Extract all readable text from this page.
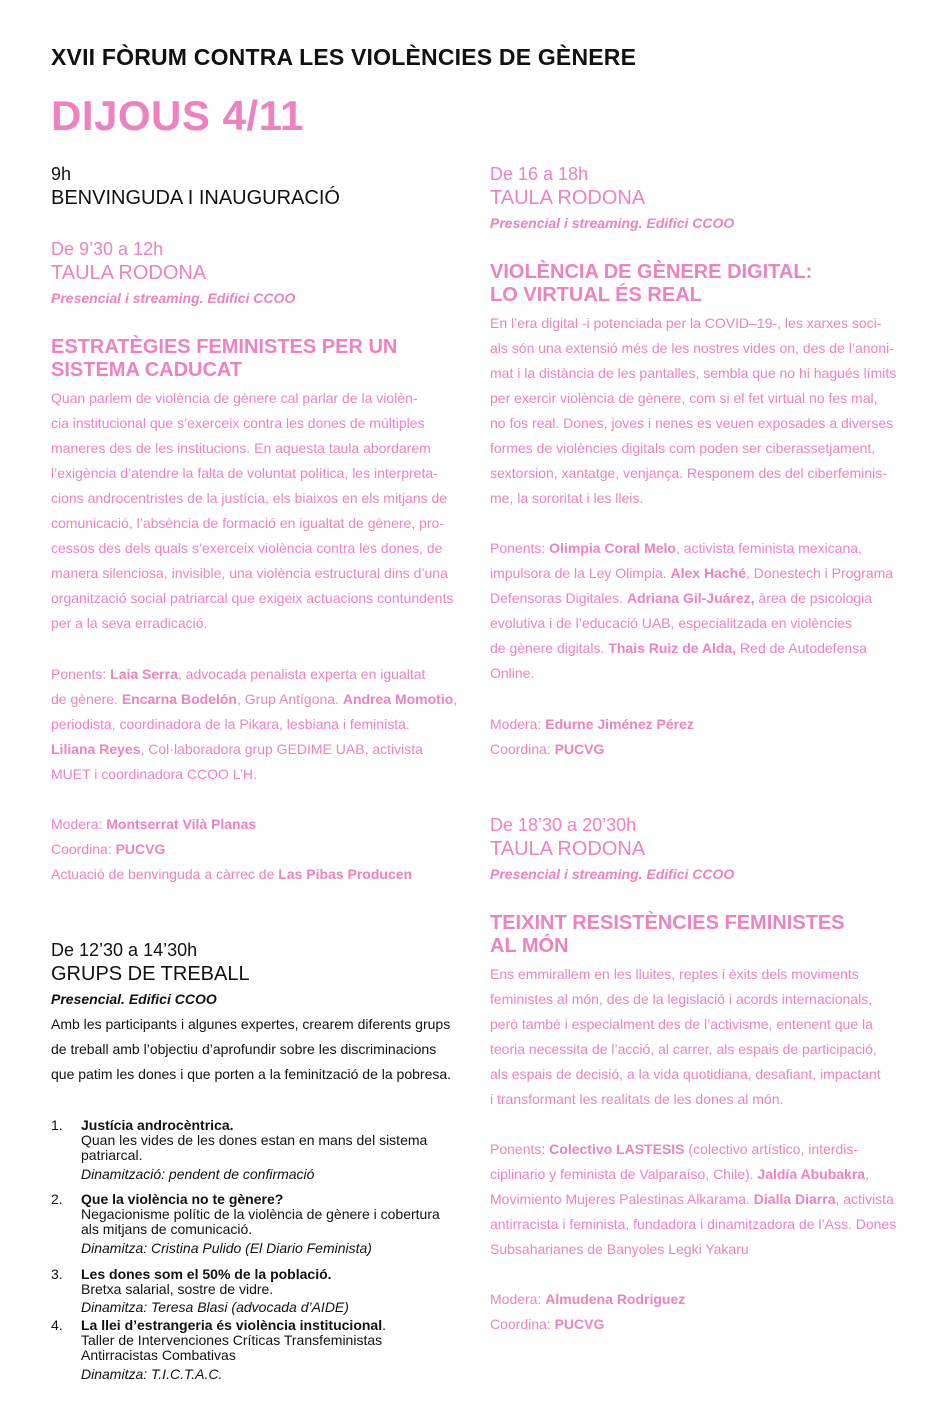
XVII FÒRUM CONTRA LES VIOLÈNCIES DE GÈNERE
DIJOUS 4/11
9h
BENVINGUDA I INAUGURACIÓ
De 9’30 a 12h
TAULA RODONA
Presencial i streaming. Edifici CCOO
ESTRATÈGIES FEMINISTES PER UN
SISTEMA CADUCAT
Quan parlem de violència de gènere cal parlar de la violèn-
cia institucional que s’exerceix contra les dones de múltiples
maneres des de les institucions. En aquesta taula abordarem
l’exigència d’atendre la falta de voluntat política, les interpreta-
cions androcentristes de la justícia, els biaixos en els mitjans de
comunicació, l’absència de formació en igualtat de gènere, pro-
cessos des dels quals s’exerceix violència contra les dones, de
manera silenciosa, invisible, una violència estructural dins d’una
organització social patriarcal que exigeix actuacions contundents
per a la seva erradicació.
Ponents: Laia Serra, advocada penalista experta en igualtat
de gènere. Encarna Bodelón, Grup Antígona. Andrea Momotio,
periodista, coordinadora de la Pikara, lesbiana i feminista.
Liliana Reyes, Col·laboradora grup GEDIME UAB, activista
MUET i coordinadora CCOO L’H.
Modera: Montserrat Vilà Planas
Coordina: PUCVG
Actuació de benvinguda a càrrec de Las Pibas Producen
De 12’30 a 14’30h
GRUPS DE TREBALL
Presencial. Edifici CCOO
Amb les participants i algunes expertes, crearem diferents grups
de treball amb l’objectiu d’aprofundir sobre les discriminacions
que patim les dones i que porten a la feminització de la pobresa.
1.	Justícia androcèntrica.
Quan les vides de les dones estan en mans del sistema
patriarcal.
Dinamització: pendent de confirmació
2.	Que la violència no te gènere?
Negacionisme polític de la violència de gènere i cobertura
als mitjans de comunicació.
Dinamitza: Cristina Pulido (El Diario Feminista)
3.	Les dones som el 50% de la població.
Bretxa salarial, sostre de vidre.
Dinamitza: Teresa Blasi (advocada d’AIDE)
4.	La llei d’estrangeria és violència institucional.
Taller de Intervenciones Críticas Transfeministas
Antirracistas Combativas
Dinamitza: T.I.C.T.A.C.
De 16 a 18h
TAULA RODONA
Presencial i streaming. Edifici CCOO
VIOLÈNCIA DE GÈNERE DIGITAL:
LO VIRTUAL ÉS REAL
En l’era digital -i potenciada per la COVID–19-, les xarxes soci-
als són una extensió més de les nostres vides on, des de l’anoni-
mat i la distància de les pantalles, sembla que no hi hagués límits
per exercir violència de gènere, com si el fet virtual no fes mal,
no fos real. Dones, joves i nenes es veuen exposades a diverses
formes de violències digitals com poden ser ciberassetjament,
sextorsion, xantatge, venjança. Responem des del ciberfeminis-
me, la sororitat i les lleis.
Ponents: Olimpia Coral Melo, activista feminista mexicana,
impulsora de la Ley Olimpia. Alex Haché, Donestech i Programa
Defensoras Digitales. Adriana Gil-Juárez, àrea de psicologia
evolutiva i de l’educació UAB, especialitzada en violències
de gènere digitals. Thais Ruiz de Alda, Red de Autodefensa
Online.
Modera: Edurne Jiménez Pérez
Coordina: PUCVG
De 18’30 a 20’30h
TAULA RODONA
Presencial i streaming. Edifici CCOO
TEIXINT RESISTÈNCIES FEMINISTES
AL MÓN
Ens emmirallem en les lluites, reptes i èxits dels moviments
feministes al món, des de la legislació i acords internacionals,
però també i especialment des de l’activisme, entenent que la
teoria necessita de l’acció, al carrer, als espais de participació,
als espais de decisió, a la vida quotidiana, desafiant, impactant
i transformant les realitats de les dones al món.
Ponents: Colectivo LASTESIS (colectivo artístico, interdis-
ciplinario y feminista de Valparaíso, Chile). Jaldía Abubakra,
Movimiento Mujeres Palestinas Alkarama. Dialla Diarra, activista
antirracista i feminista, fundadora i dinamitzadora de l’Ass. Dones
Subsaharianes de Banyoles Legki Yakaru
Modera: Almudena Rodriguez
Coordina: PUCVG
